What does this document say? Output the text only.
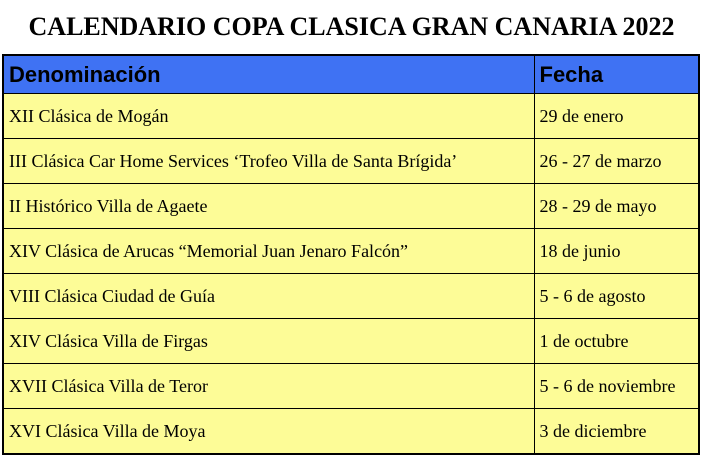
CALENDARIO COPA CLASICA GRAN CANARIA 2022
Denominación	Fecha
XII Clásica de Mogán	29 de enero
III Clásica Car Home Services ‘Trofeo Villa de Santa Brígida’	26 - 27 de marzo
II Histórico Villa de Agaete	28 - 29 de mayo
XIV Clásica de Arucas “Memorial Juan Jenaro Falcón”	18 de junio
VIII Clásica Ciudad de Guía	5 - 6 de agosto
XIV Clásica Villa de Firgas	1 de octubre
XVII Clásica Villa de Teror	5 - 6 de noviembre
XVI Clásica Villa de Moya	3 de diciembre
